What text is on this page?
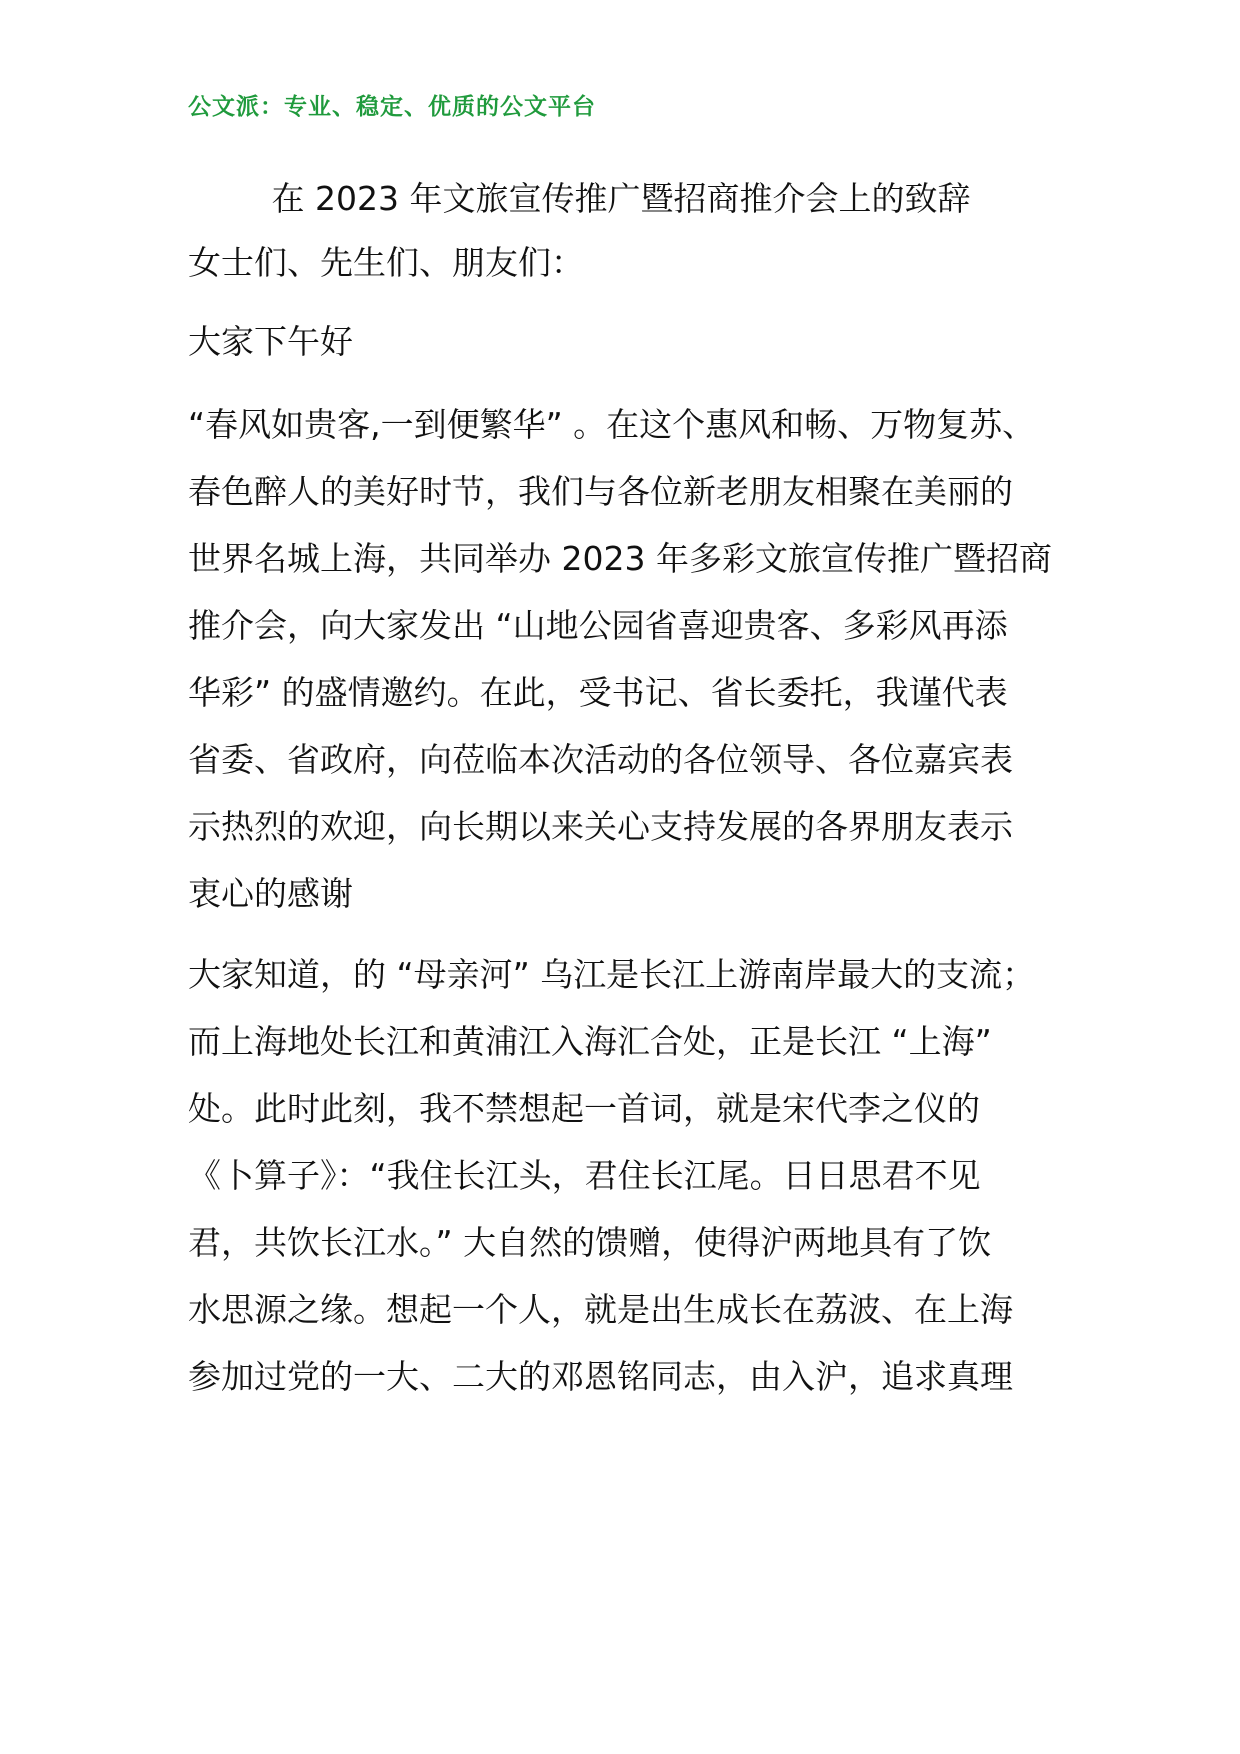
公文派：专业、稳定、优质的公文平台
在 2023 年文旅宣传推广暨招商推介会上的致辞
女士们、先生们、朋友们：
大家下午好
“春风如贵客,一到便繁华” 。在这个惠风和畅、万物复苏、
春色醉人的美好时节，我们与各位新老朋友相聚在美丽的
世界名城上海，共同举办 2023 年多彩文旅宣传推广暨招商
推介会，向大家发出 “山地公园省喜迎贵客、多彩风再添
华彩” 的盛情邀约。在此，受书记、省长委托，我谨代表
省委、省政府，向莅临本次活动的各位领导、各位嘉宾表
示热烈的欢迎，向长期以来关心支持发展的各界朋友表示
衷心的感谢
大家知道，的 “母亲河” 乌江是长江上游南岸最大的支流；
而上海地处长江和黄浦江入海汇合处，正是长江 “上海”
处。此时此刻，我不禁想起一首词，就是宋代李之仪的
《卜算子》：“我住长江头，君住长江尾。日日思君不见
君，共饮长江水。” 大自然的馈赠，使得沪两地具有了饮
水思源之缘。想起一个人，就是出生成长在荔波、在上海
参加过党的一大、二大的邓恩铭同志，由入沪，追求真理
